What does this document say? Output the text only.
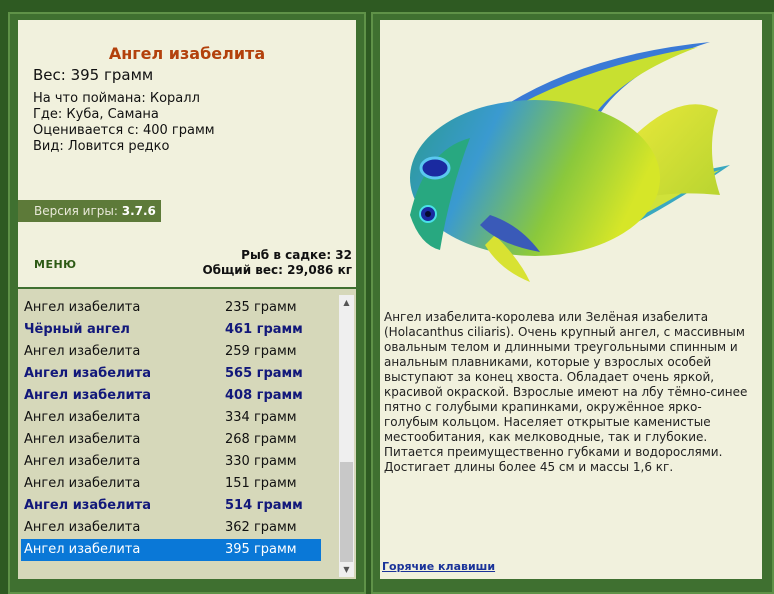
Ангел изабелита
Вес: 395 грамм
На что поймана: Коралл
Где: Куба, Самана
Оценивается с: 400 грамм
Вид: Ловится редко
Версия игры: 3.7.6
МЕНЮ
Рыб в садке: 32
Общий вес: 29,086 кг
Ангел изабелита	235 грамм
Чёрный ангел	461 грамм
Ангел изабелита	259 грамм
Ангел изабелита	565 грамм
Ангел изабелита	408 грамм
Ангел изабелита	334 грамм
Ангел изабелита	268 грамм
Ангел изабелита	330 грамм
Ангел изабелита	151 грамм
Ангел изабелита	514 грамм
Ангел изабелита	362 грамм
Ангел изабелита	395 грамм
▲
▼
Ангел изабелита-королева или Зелёная изабелита (Holacanthus ciliaris). Очень крупный ангел, с массивным овальным телом и длинными треугольными спинным и анальным плавниками, которые у взрослых особей выступают за конец хвоста. Обладает очень яркой, красивой окраской. Взрослые имеют на лбу тёмно-синее пятно с голубыми крапинками, окружённое ярко-голубым кольцом. Населяет открытые каменистые местообитания, как мелководные, так и глубокие. Питается преимущественно губками и водорослями. Достигает длины более 45 см и массы 1,6 кг.
Горячие клавиши
